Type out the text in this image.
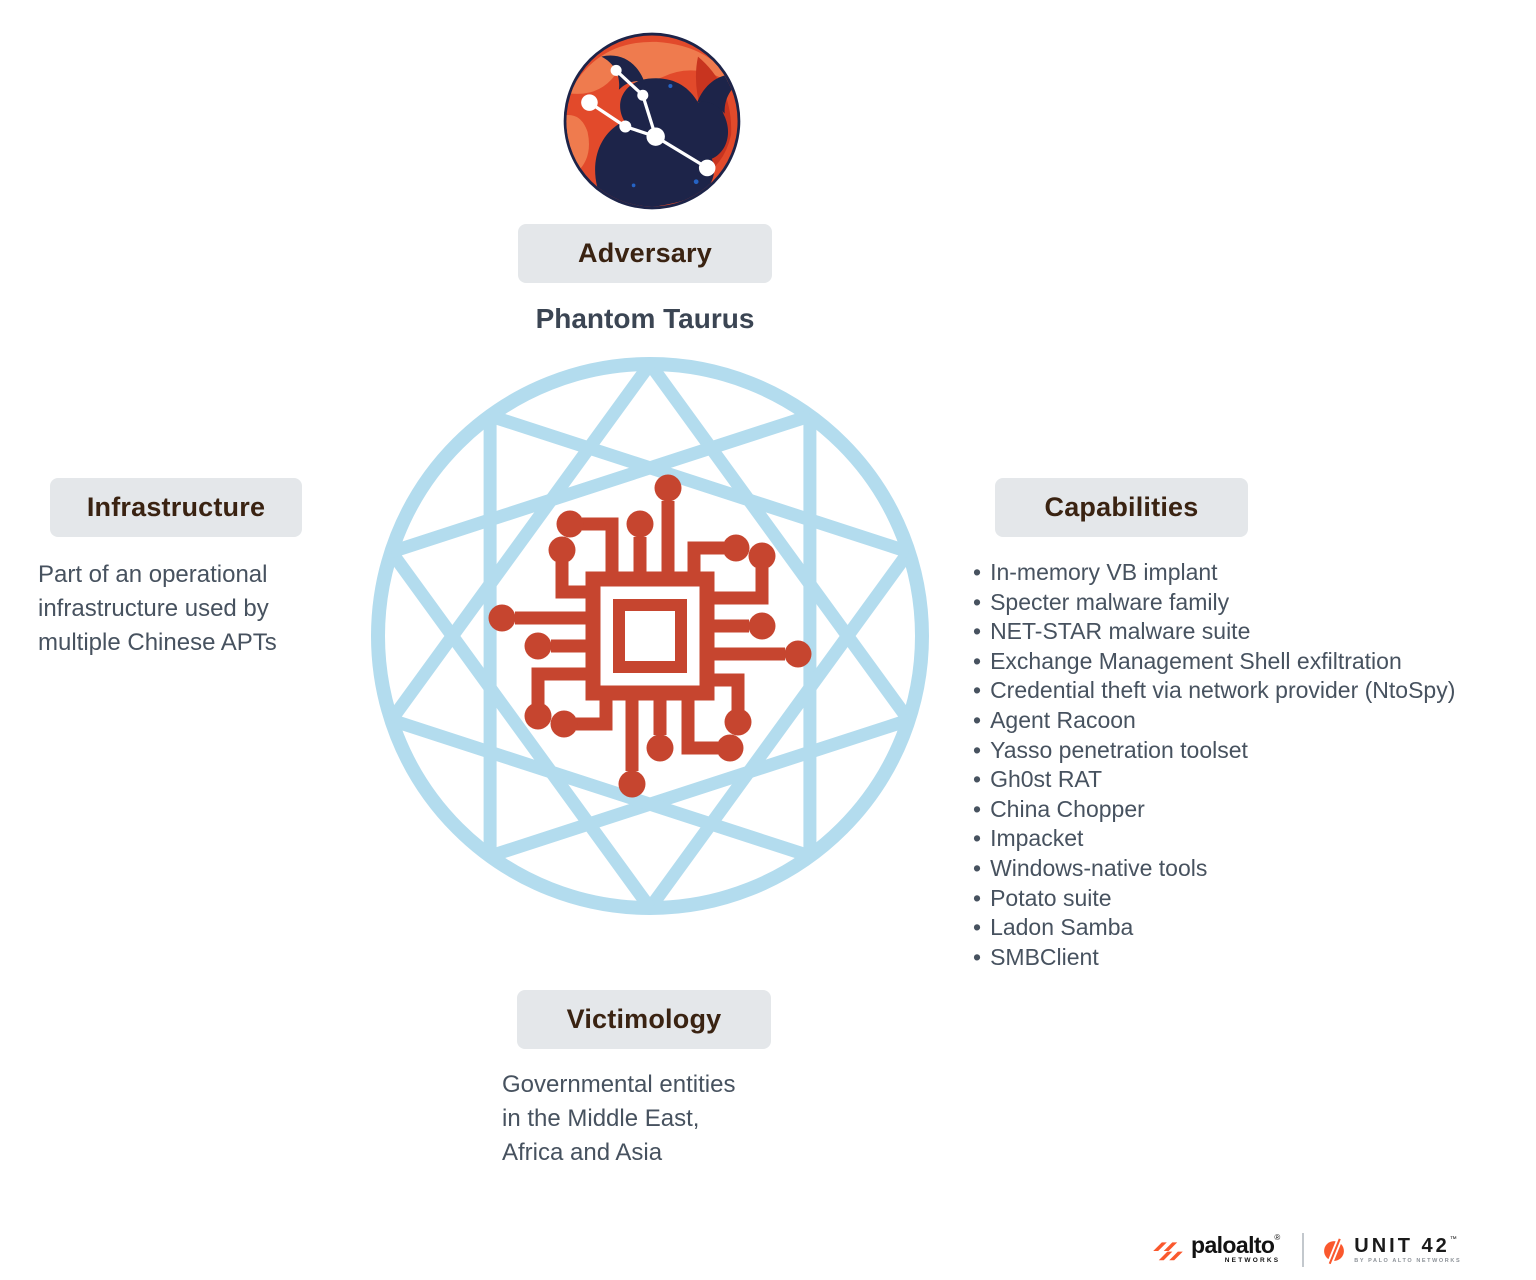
Adversary
Phantom Taurus
Infrastructure
Part of an operational
infrastructure used by
multiple Chinese APTs
Capabilities
• In-memory VB implant
• Specter malware family
• NET-STAR malware suite
• Exchange Management Shell exfiltration
• Credential theft via network provider (NtoSpy)
• Agent Racoon
• Yasso penetration toolset
• Gh0st RAT
• China Chopper
• Impacket
• Windows-native tools
• Potato suite
• Ladon Samba
• SMBClient
Victimology
Governmental entities
in the Middle East,
Africa and Asia
paloalto®
NETWORKS
UNIT 42™
BY PALO ALTO NETWORKS
